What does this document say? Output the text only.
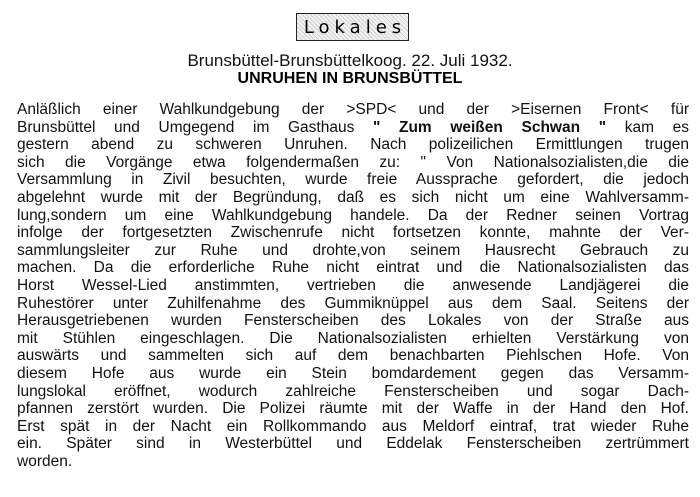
Lokales
Brunsbüttel-Brunsbüttelkoog. 22. Juli 1932.
UNRUHEN IN BRUNSBÜTTEL
Anläßlich einer Wahlkundgebung der >SPD< und der >Eisernen Front< für
Brunsbüttel und Umgegend im Gasthaus " Zum weißen Schwan " kam es
gestern abend zu schweren Unruhen. Nach polizeilichen Ermittlungen trugen
sich die Vorgänge etwa folgendermaßen zu: " Von Nationalsozialisten,die die
Versammlung in Zivil besuchten, wurde freie Aussprache gefordert, die jedoch
abgelehnt wurde mit der Begründung, daß es sich nicht um eine Wahlversamm-
lung,sondern um eine Wahlkundgebung handele. Da der Redner seinen Vortrag
infolge der fortgesetzten Zwischenrufe nicht fortsetzen konnte, mahnte der Ver-
sammlungsleiter zur Ruhe und drohte,von seinem Hausrecht Gebrauch zu
machen. Da die erforderliche Ruhe nicht eintrat und die Nationalsozialisten das
Horst Wessel-Lied anstimmten, vertrieben die anwesende Landjägerei die
Ruhestörer unter Zuhilfenahme des Gummiknüppel aus dem Saal. Seitens der
Herausgetriebenen wurden Fensterscheiben des Lokales von der Straße aus
mit Stühlen eingeschlagen. Die Nationalsozialisten erhielten Verstärkung von
auswärts und sammelten sich auf dem benachbarten Piehlschen Hofe. Von
diesem Hofe aus wurde ein Stein bomdardement gegen das Versamm-
lungslokal eröffnet, wodurch zahlreiche Fensterscheiben und sogar Dach-
pfannen zerstört wurden. Die Polizei räumte mit der Waffe in der Hand den Hof.
Erst spät in der Nacht ein Rollkommando aus Meldorf eintraf, trat wieder Ruhe
ein. Später sind in Westerbüttel und Eddelak Fensterscheiben zertrümmert
worden.
